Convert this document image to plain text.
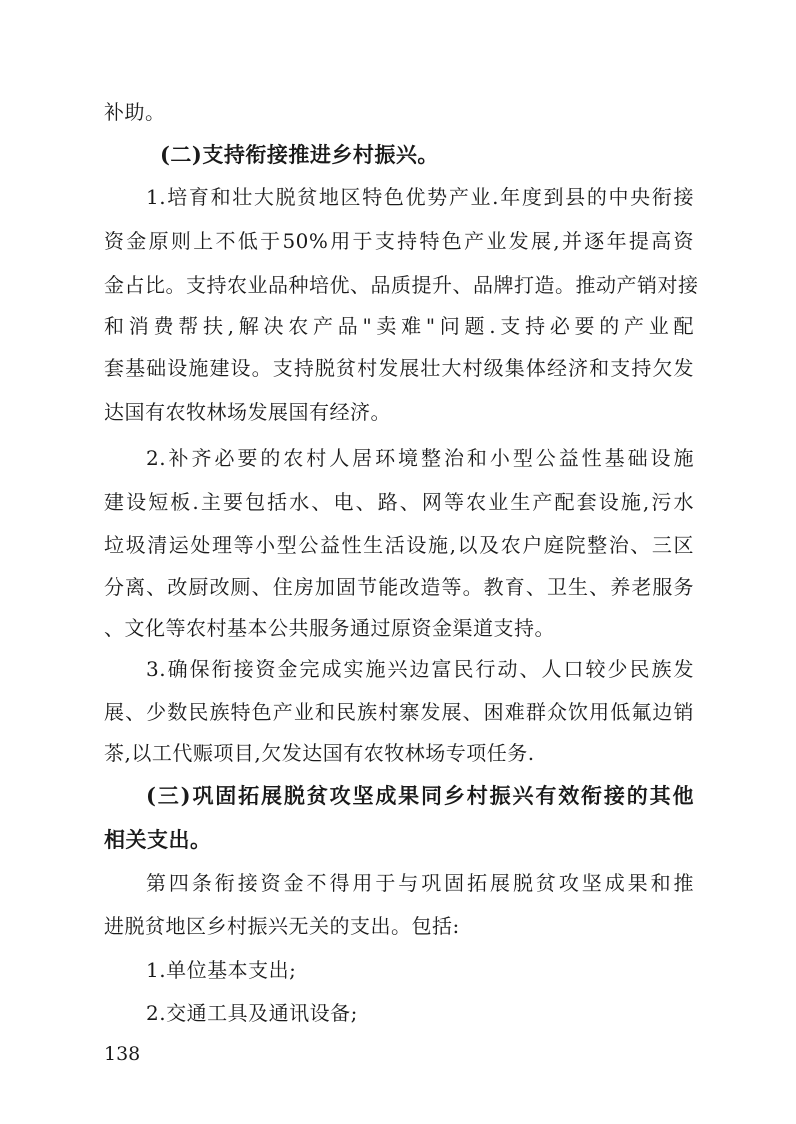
补助。
(二)支持衔接推进乡村振兴。
1.培育和壮大脱贫地区特色优势产业.年度到县的中央衔接
资金原则上不低于50%用于支持特色产业发展,并逐年提高资
金占比。支持农业品种培优、品质提升、品牌打造。推动产销对接
和消费帮扶,解决农产品"卖难"问题.支持必要的产业配
套基础设施建设。支持脱贫村发展壮大村级集体经济和支持欠发
达国有农牧林场发展国有经济。
2.补齐必要的农村人居环境整治和小型公益性基础设施
建设短板.主要包括水、电、路、网等农业生产配套设施,污水
垃圾清运处理等小型公益性生活设施,以及农户庭院整治、三区
分离、改厨改厕、住房加固节能改造等。教育、卫生、养老服务
、文化等农村基本公共服务通过原资金渠道支持。
3.确保衔接资金完成实施兴边富民行动、人口较少民族发
展、少数民族特色产业和民族村寨发展、困难群众饮用低氟边销
茶,以工代赈项目,欠发达国有农牧林场专项任务.
(三)巩固拓展脱贫攻坚成果同乡村振兴有效衔接的其他
相关支出。
第四条衔接资金不得用于与巩固拓展脱贫攻坚成果和推
进脱贫地区乡村振兴无关的支出。包括:
1.单位基本支出;
2.交通工具及通讯设备;
138
